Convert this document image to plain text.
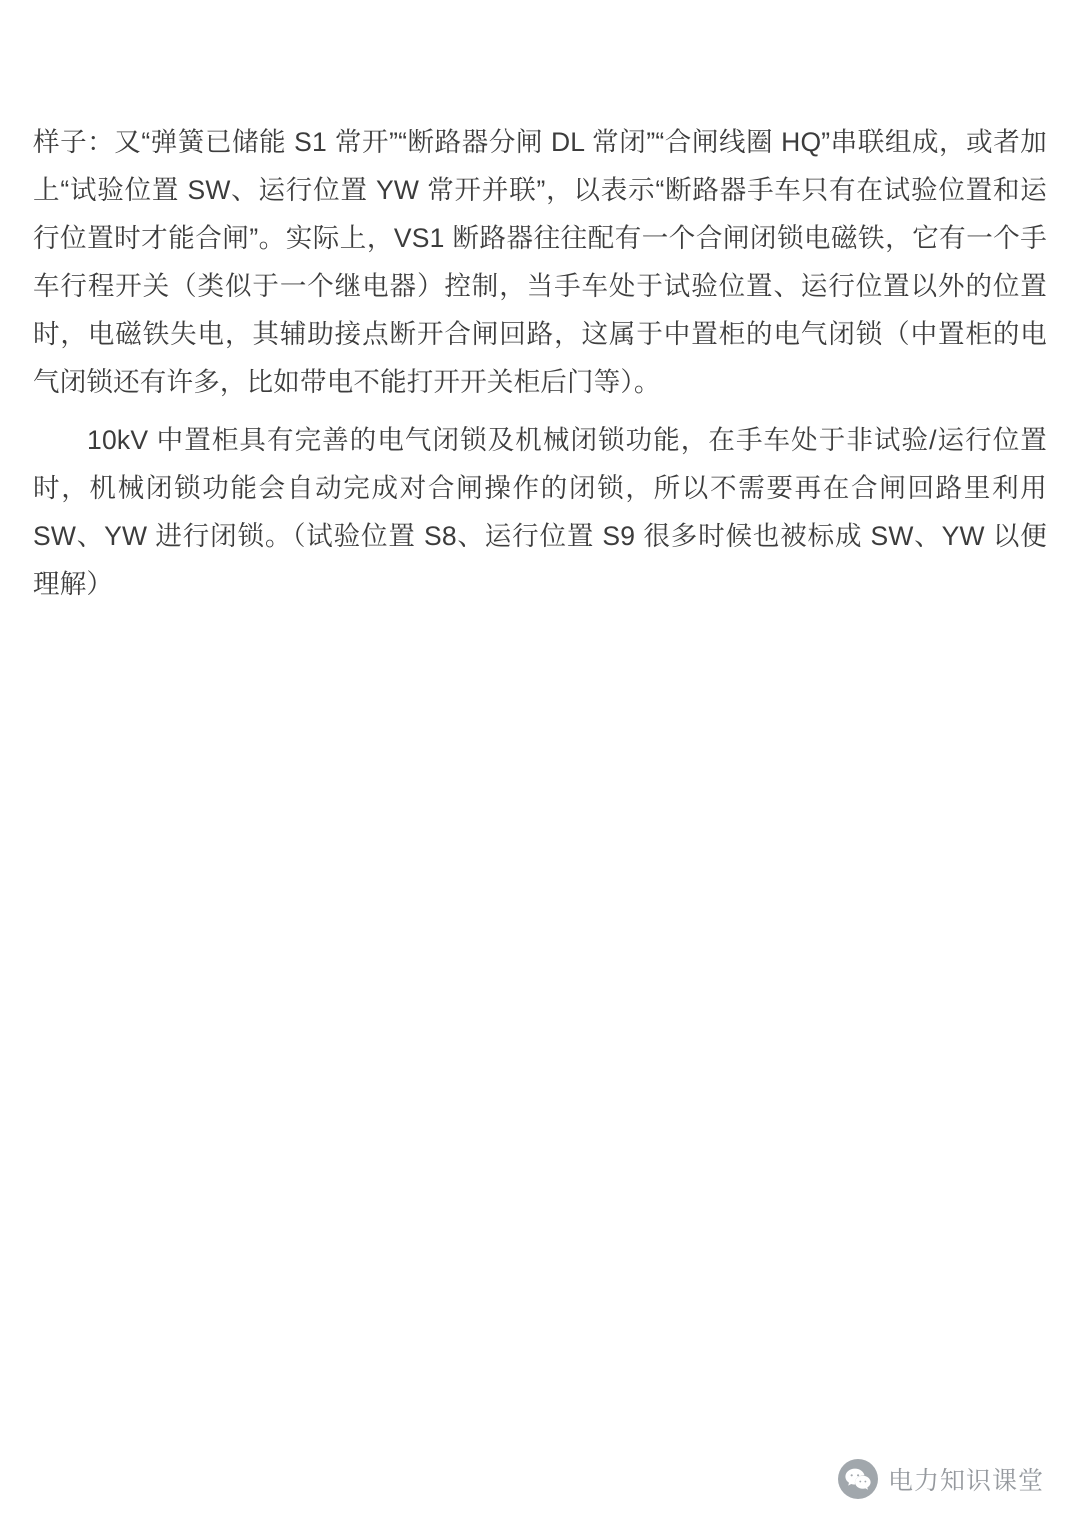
样子：又“弹簧已储能 S1 常开”“断路器分闸 DL 常闭”“合闸线圈 HQ”串联组成，或者加上“试验位置 SW、运行位置 YW 常开并联”，以表示“断路器手车只有在试验位置和运行位置时才能合闸”。实际上，VS1 断路器往往配有一个合闸闭锁电磁铁，它有一个手车行程开关（类似于一个继电器）控制，当手车处于试验位置、运行位置以外的位置时，电磁铁失电，其辅助接点断开合闸回路，这属于中置柜的电气闭锁（中置柜的电气闭锁还有许多，比如带电不能打开开关柜后门等）。

10kV 中置柜具有完善的电气闭锁及机械闭锁功能，在手车处于非试验/运行位置时，机械闭锁功能会自动完成对合闸操作的闭锁，所以不需要再在合闸回路里利用 SW、YW 进行闭锁。（试验位置 S8、运行位置 S9 很多时候也被标成 SW、YW 以便理解）

电力知识课堂
